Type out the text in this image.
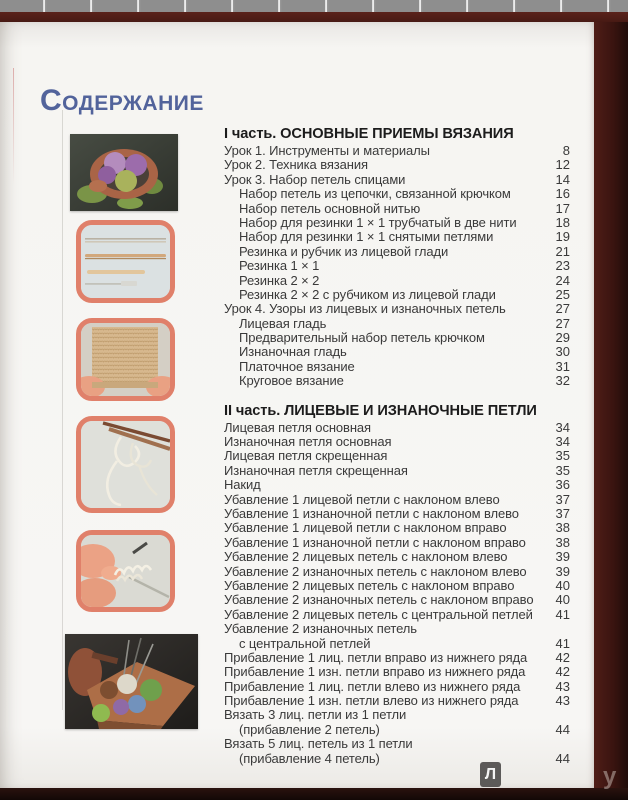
СОДЕРЖАНИЕ
I часть. ОСНОВНЫЕ ПРИЕМЫ ВЯЗАНИЯ
Урок 1. Инструменты и материалы	8
Урок 2. Техника вязания	12
Урок 3. Набор петель спицами	14
Набор петель из цепочки, связанной крючком	16
Набор петель основной нитью	17
Набор для резинки 1 × 1 трубчатый в две нити	18
Набор для резинки 1 × 1 снятыми петлями	19
Резинка и рубчик из лицевой глади	21
Резинка 1 × 1	23
Резинка 2 × 2	24
Резинка 2 × 2 с рубчиком из лицевой глади	25
Урок 4. Узоры из лицевых и изнаночных петель	27
Лицевая гладь	27
Предварительный набор петель крючком	29
Изнаночная гладь	30
Платочное вязание	31
Круговое вязание	32
II часть. ЛИЦЕВЫЕ И ИЗНАНОЧНЫЕ ПЕТЛИ
Лицевая петля основная	34
Изнаночная петля основная	34
Лицевая петля скрещенная	35
Изнаночная петля скрещенная	35
Накид	36
Убавление 1 лицевой петли с наклоном влево	37
Убавление 1 изнаночной петли с наклоном влево	37
Убавление 1 лицевой петли с наклоном вправо	38
Убавление 1 изнаночной петли с наклоном вправо 38
Убавление 2 лицевых петель с наклоном влево	39
Убавление 2 изнаночных петель с наклоном влево 39
Убавление 2 лицевых петель с наклоном вправо	40
Убавление 2 изнаночных петель с наклоном вправо 40
Убавление 2 лицевых петель с центральной петлей 41
Убавление 2 изнаночных петель
с центральной петлей	41
Прибавление 1 лиц. петли вправо из нижнего ряда 42
Прибавление 1 изн. петли вправо из нижнего ряда 42
Прибавление 1 лиц. петли влево из нижнего ряда	43
Прибавление 1 изн. петли влево из нижнего ряда	43
Вязать 3 лиц. петли из 1 петли
(прибавление 2 петель)	44
Вязать 5 лиц. петель из 1 петли
(прибавление 4 петель)	44
Л	у
